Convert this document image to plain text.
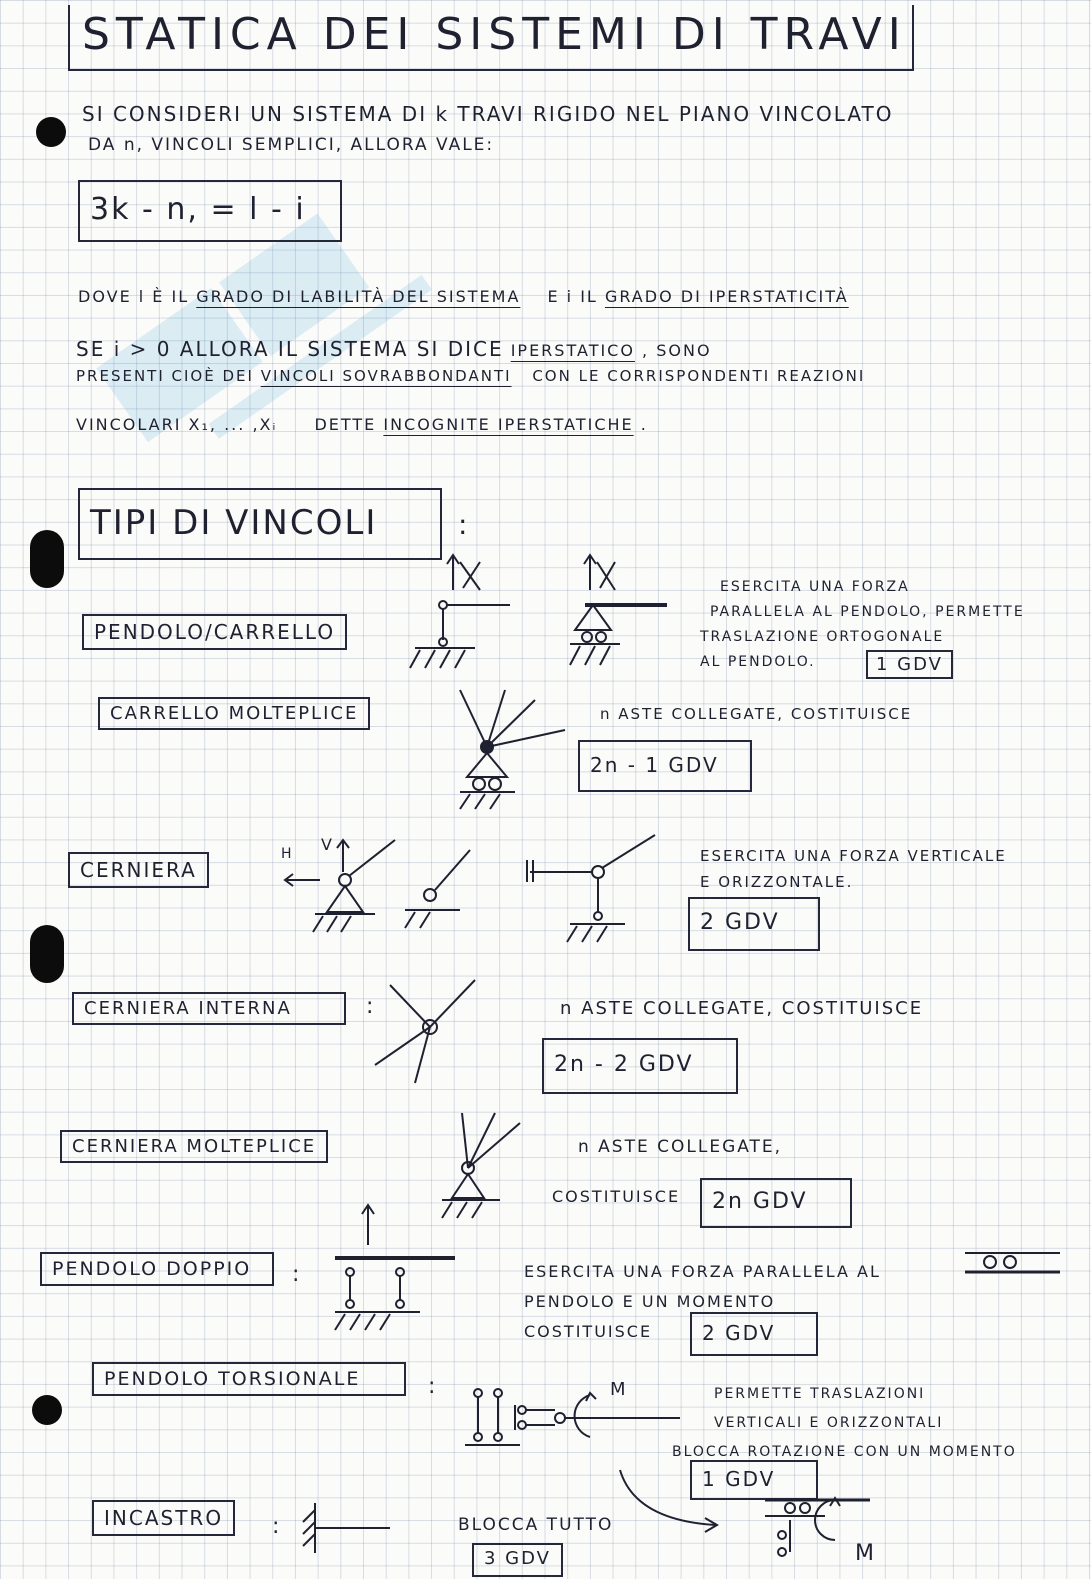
STATICA DEI SISTEMI DI TRAVI
SI CONSIDERI UN SISTEMA DI k TRAVI RIGIDO NEL PIANO VINCOLATO
DA n, VINCOLI SEMPLICI, ALLORA VALE:
3k - n, = l - i
DOVE l È IL GRADO DI LABILITÀ DEL SISTEMA E i IL GRADO DI IPERSTATICITÀ
SE i > 0 ALLORA IL SISTEMA SI DICE IPERSTATICO , SONO
PRESENTI CIOÈ DEI VINCOLI SOVRABBONDANTI CON LE CORRISPONDENTI REAZIONI
VINCOLARI X₁, ... ,Xᵢ DETTE INCOGNITE IPERSTATICHE .
TIPI DI VINCOLI	:
PENDOLO/CARRELLO
ESERCITA UNA FORZA
PARALLELA AL PENDOLO, PERMETTE
TRASLAZIONE ORTOGONALE
AL PENDOLO.	1 GDV
CARRELLO MOLTEPLICE	n ASTE COLLEGATE, COSTITUISCE
2n - 1 GDV
CERNIERA
H V
ESERCITA UNA FORZA VERTICALE
E ORIZZONTALE.
2 GDV
CERNIERA INTERNA	:	n ASTE COLLEGATE, COSTITUISCE
2n - 2 GDV
CERNIERA MOLTEPLICE	n ASTE COLLEGATE,
COSTITUISCE	2n GDV
PENDOLO DOPPIO	:	ESERCITA UNA FORZA PARALLELA AL
PENDOLO E UN MOMENTO
COSTITUISCE	2 GDV
PENDOLO TORSIONALE	:	M	PERMETTE TRASLAZIONI
VERTICALI E ORIZZONTALI
BLOCCA ROTAZIONE CON UN MOMENTO
1 GDV
INCASTRO	:	BLOCCA TUTTO
3 GDV	M
